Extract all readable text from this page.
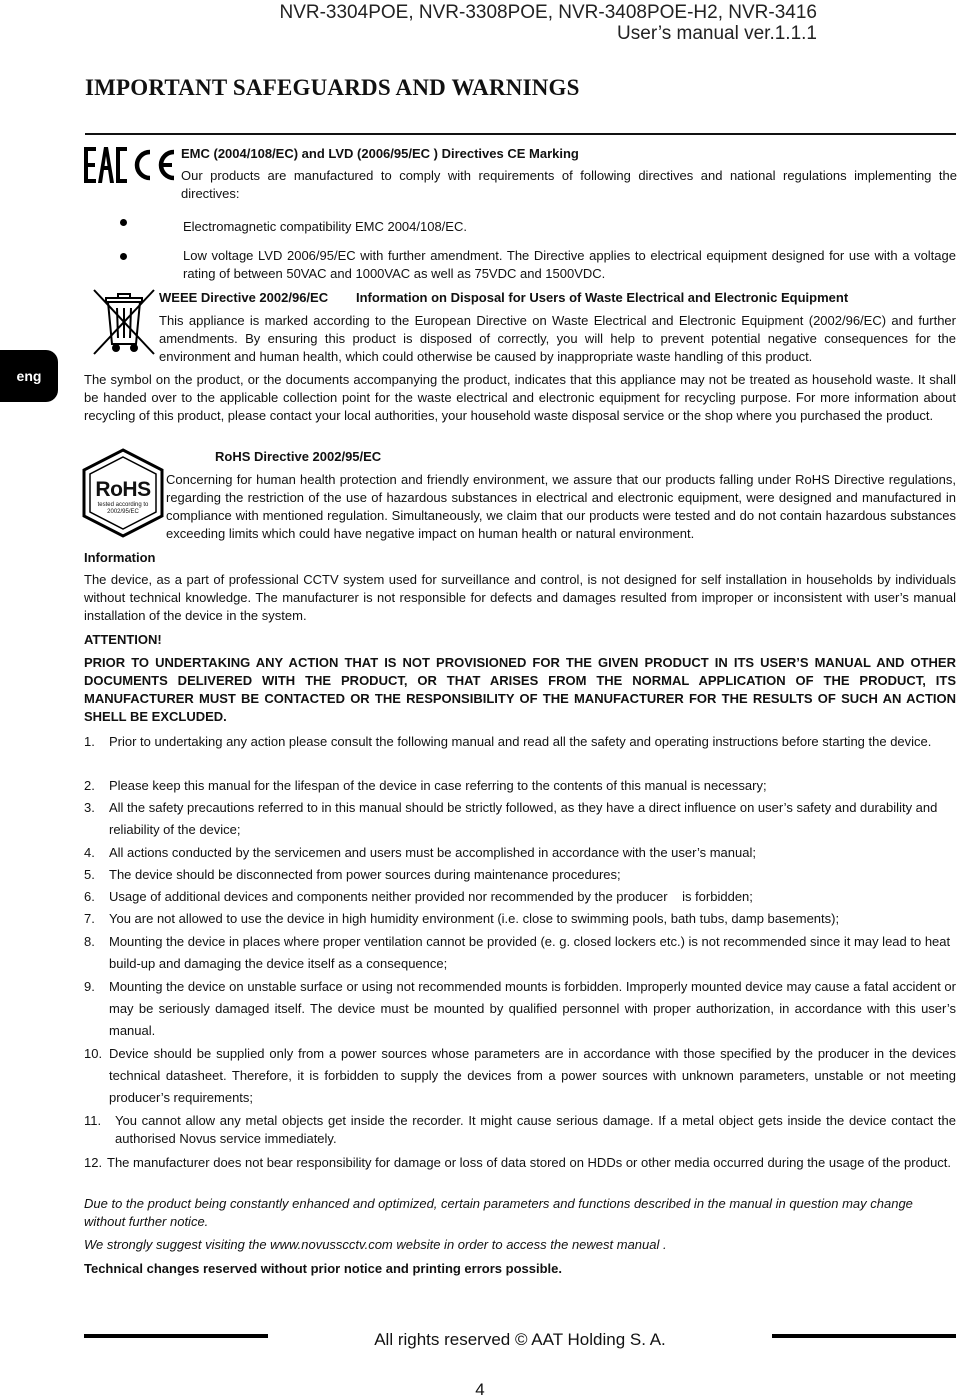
NVR-3304POE, NVR-3308POE, NVR-3408POE-H2, NVR-3416
User’s manual ver.1.1.1
IMPORTANT SAFEGUARDS AND WARNINGS
eng
EMC (2004/108/EC) and LVD (2006/95/EC ) Directives CE Marking
Our products are manufactured to comply with requirements of following directives and national regulations implementing the directives:
Electromagnetic compatibility EMC 2004/108/EC.
Low voltage LVD 2006/95/EC with further amendment. The Directive applies to electrical equipment designed for use with a voltage rating of between 50VAC and 1000VAC as well as 75VDC and 1500VDC.
WEEE Directive 2002/96/EC	Information on Disposal for Users of Waste Electrical and Electronic Equipment
This appliance is marked according to the European Directive on Waste Electrical and Electronic Equipment (2002/96/EC) and further amendments. By ensuring this product is disposed of correctly, you will help to prevent potential negative consequences for the environment and human health, which could otherwise be caused by inappropriate waste handling of this product.
The symbol on the product, or the documents accompanying the product, indicates that this appliance may not be treated as household waste. It shall be handed over to the applicable collection point for the waste electrical and electronic equipment for recycling purpose. For more information about recycling of this product, please contact your local authorities, your household waste disposal service or the shop where you purchased the product.
RoHS
tested according to 2002/95/EC
RoHS Directive 2002/95/EC
Concerning for human health protection and friendly environment, we assure that our products falling under RoHS Directive regulations, regarding the restriction of the use of hazardous substances in electrical and electronic equipment, were designed and manufactured in compliance with mentioned regulation. Simultaneously, we claim that our products were tested and do not contain hazardous substances exceeding limits which could have negative impact on human health or natural environment.
Information
The device, as a part of professional CCTV system used for surveillance and control, is not designed for self installation in households by individuals without technical knowledge. The manufacturer is not responsible for defects and damages resulted from improper or inconsistent with user’s manual installation of the device in the system.
ATTENTION!
PRIOR TO UNDERTAKING ANY ACTION THAT IS NOT PROVISIONED FOR THE GIVEN PRODUCT IN ITS USER’S MANUAL AND OTHER DOCUMENTS DELIVERED WITH THE PRODUCT, OR THAT ARISES FROM THE NORMAL APPLICATION OF THE PRODUCT, ITS MANUFACTURER MUST BE CONTACTED OR THE RESPONSIBILITY OF THE MANUFACTURER FOR THE RESULTS OF SUCH AN ACTION SHELL BE EXCLUDED.
1. Prior to undertaking any action please consult the following manual and read all the safety and operating instructions before starting the device.
2. Please keep this manual for the lifespan of the device in case referring to the contents of this manual is necessary;
3. All the safety precautions referred to in this manual should be strictly followed, as they have a direct influence on user’s safety and durability and reliability of the device;
4. All actions conducted by the servicemen and users must be accomplished in accordance with the user’s manual;
5. The device should be disconnected from power sources during maintenance procedures;
6. Usage of additional devices and components neither provided nor recommended by the producer    is forbidden;
7. You are not allowed to use the device in high humidity environment (i.e. close to swimming pools, bath tubs, damp basements);
8. Mounting the device in places where proper ventilation cannot be provided (e. g. closed lockers etc.) is not recommended since it may lead to heat build-up and damaging the device itself as a consequence;
9. Mounting the device on unstable surface or using not recommended mounts is forbidden. Improperly mounted device may cause a fatal accident or may be seriously damaged itself. The device must be mounted by qualified personnel with proper authorization, in accordance with this user’s manual.
10. Device should be supplied only from a power sources whose parameters are in accordance with those specified by the producer in the devices technical datasheet. Therefore, it is forbidden to supply the devices from a power sources with unknown parameters, unstable or not meeting producer’s requirements;
11. You cannot allow any metal objects get inside the recorder. It might cause serious damage. If a metal object gets inside the device contact the authorised Novus service immediately.
12. The manufacturer does not bear responsibility for damage or loss of data stored on HDDs or other media occurred during the usage of the product.
Due to the product being constantly enhanced and optimized, certain parameters and functions described in the manual in question may change without further notice.
We strongly suggest visiting the www.novusscctv.com website in order to access the newest manual .
Technical changes reserved without prior notice and printing errors possible.
All rights reserved © AAT Holding S. A.
4
